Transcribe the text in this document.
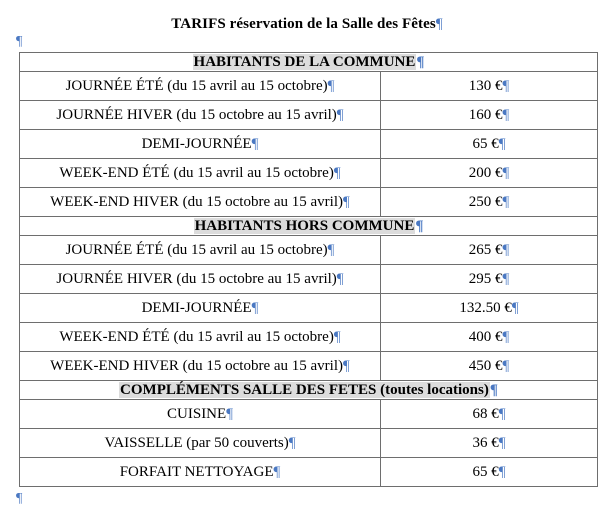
TARIFS réservation de la Salle des Fêtes¶
¶
HABITANTS DE LA COMMUNE¶	
JOURNÉE ÉTÉ (du 15 avril au 15 octobre)¶	130 €¶
JOURNÉE HIVER (du 15 octobre au 15 avril)¶	160 €¶
DEMI-JOURNÉE¶	65 €¶
WEEK-END ÉTÉ (du 15 avril au 15 octobre)¶	200 €¶
WEEK-END HIVER (du 15 octobre au 15 avril)¶	250 €¶
HABITANTS HORS COMMUNE¶	
JOURNÉE ÉTÉ (du 15 avril au 15 octobre)¶	265 €¶
JOURNÉE HIVER (du 15 octobre au 15 avril)¶	295 €¶
DEMI-JOURNÉE¶	132.50 €¶
WEEK-END ÉTÉ (du 15 avril au 15 octobre)¶	400 €¶
WEEK-END HIVER (du 15 octobre au 15 avril)¶	450 €¶
COMPLÉMENTS SALLE DES FETES (toutes locations)¶	
CUISINE¶	68 €¶
VAISSELLE (par 50 couverts)¶	36 €¶
FORFAIT NETTOYAGE¶	65 €¶
¶
